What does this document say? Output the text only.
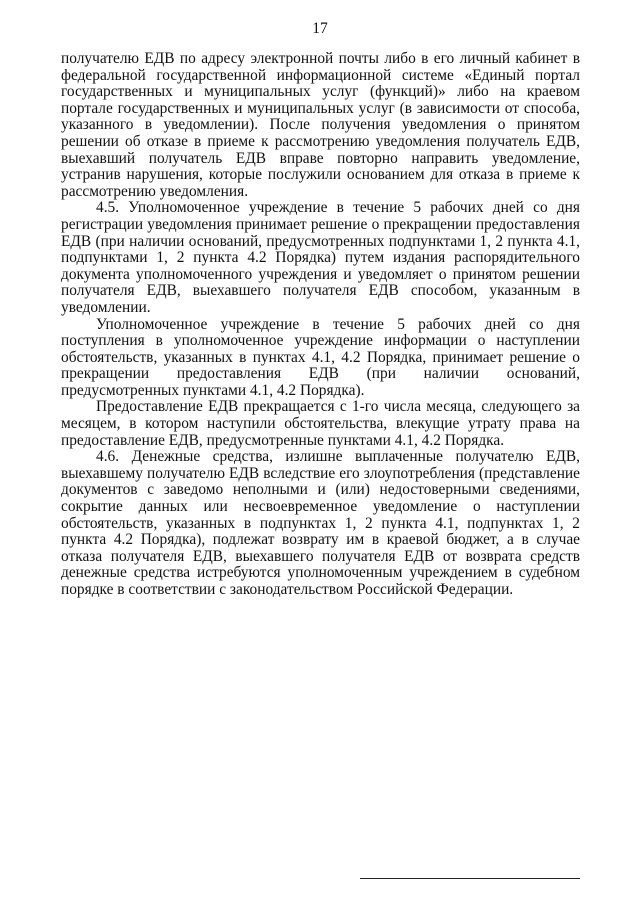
17

получателю ЕДВ по адресу электронной почты либо в его личный кабинет в федеральной государственной информационной системе «Единый портал государственных и муниципальных услуг (функций)» либо на краевом портале государственных и муниципальных услуг (в зависимости от способа, указанного в уведомлении). После получения уведомления о принятом решении об отказе в приеме к рассмотрению уведомления получатель ЕДВ, выехавший получатель ЕДВ вправе повторно направить уведомление, устранив нарушения, которые послужили основанием для отказа в приеме к рассмотрению уведомления.

4.5. Уполномоченное учреждение в течение 5 рабочих дней со дня регистрации уведомления принимает решение о прекращении предоставления ЕДВ (при наличии оснований, предусмотренных подпунктами 1, 2 пункта 4.1, подпунктами 1, 2 пункта 4.2 Порядка) путем издания распорядительного документа уполномоченного учреждения и уведомляет о принятом решении получателя ЕДВ, выехавшего получателя ЕДВ способом, указанным в уведомлении.

Уполномоченное учреждение в течение 5 рабочих дней со дня поступления в уполномоченное учреждение информации о наступлении обстоятельств, указанных в пунктах 4.1, 4.2 Порядка, принимает решение о прекращении предоставления ЕДВ (при наличии оснований, предусмотренных пунктами 4.1, 4.2 Порядка).

Предоставление ЕДВ прекращается с 1-го числа месяца, следующего за месяцем, в котором наступили обстоятельства, влекущие утрату права на предоставление ЕДВ, предусмотренные пунктами 4.1, 4.2 Порядка.

4.6. Денежные средства, излишне выплаченные получателю ЕДВ, выехавшему получателю ЕДВ вследствие его злоупотребления (представление документов с заведомо неполными и (или) недостоверными сведениями, сокрытие данных или несвоевременное уведомление о наступлении обстоятельств, указанных в подпунктах 1, 2 пункта 4.1, подпунктах 1, 2 пункта 4.2 Порядка), подлежат возврату им в краевой бюджет, а в случае отказа получателя ЕДВ, выехавшего получателя ЕДВ от возврата средств денежные средства истребуются уполномоченным учреждением в судебном порядке в соответствии с законодательством Российской Федерации.
